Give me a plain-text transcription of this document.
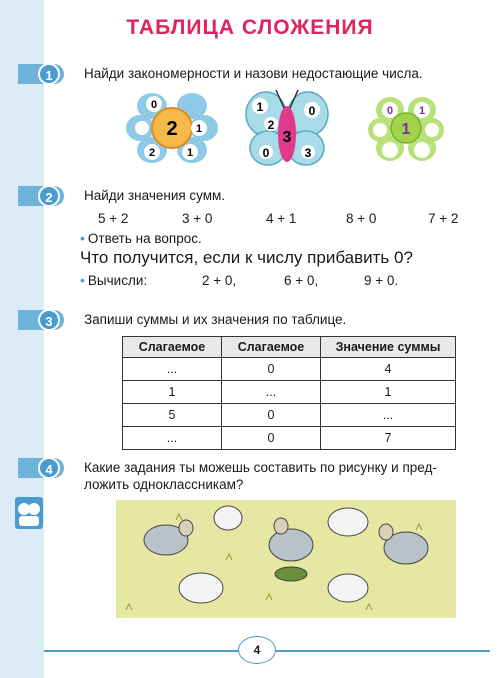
ТАБЛИЦА СЛОЖЕНИЯ
1	Найди закономерности и назови недостающие числа.
2
0
1
1
2
1
2
3
0
0	3
1
0 1
2	Найди значения сумм.
5 + 2	3 + 0	4 + 1	8 + 0	7 + 2
• Ответь на вопрос.
Что получится, если к числу прибавить 0?
• Вычисли:	2 + 0,	6 + 0,	9 + 0.
3	Запиши суммы и их значения по таблице.
Слагаемое	Слагаемое	Значение суммы
...	0	4
1	...	1
5	0	...
...	0	7
4	Какие задания ты можешь составить по рисунку и пред-
ложить одноклассникам?
4
